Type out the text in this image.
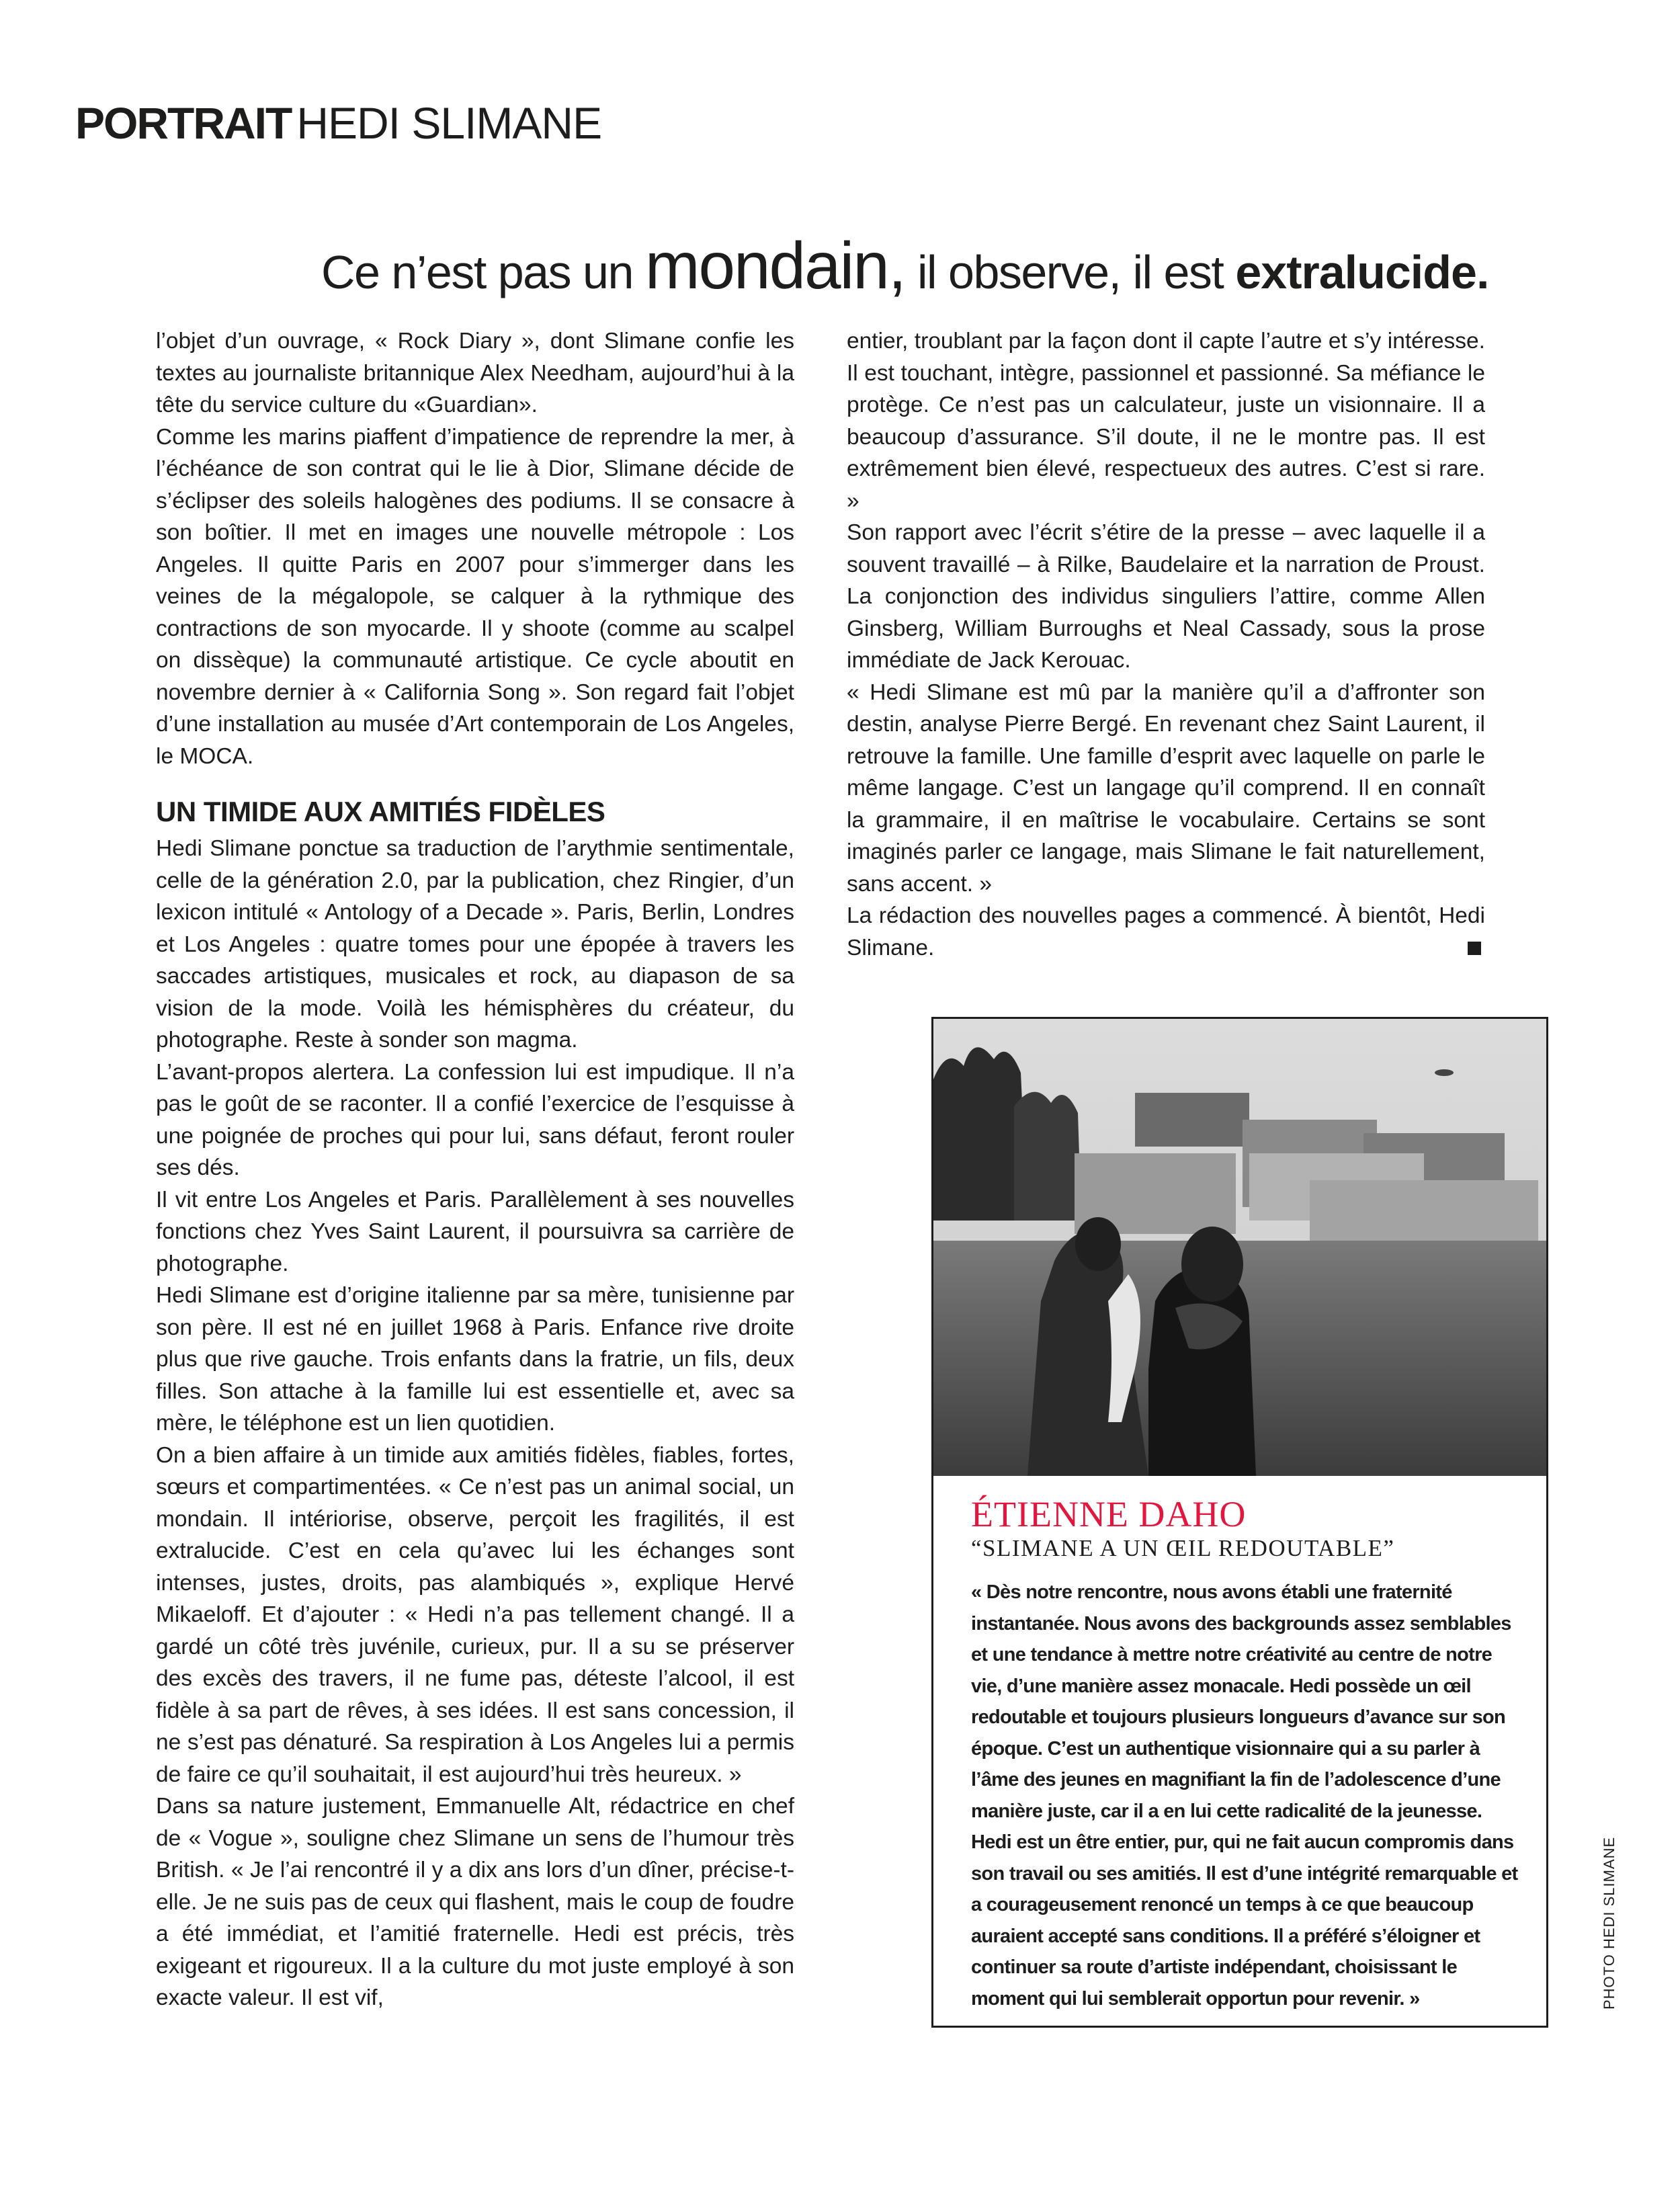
PORTRAIT HEDI SLIMANE
Ce n’est pas un mondain, il observe, il est extralucide.

l’objet d’un ouvrage, « Rock Diary », dont Slimane confie les textes au journaliste britannique Alex Needham, aujourd’hui à la tête du service culture du «Guardian».

Comme les marins piaffent d’impatience de reprendre la mer, à l’échéance de son contrat qui le lie à Dior, Slimane décide de s’éclipser des soleils halogènes des podiums. Il se consacre à son boîtier. Il met en images une nouvelle métropole : Los Angeles. Il quitte Paris en 2007 pour s’immerger dans les veines de la mégalopole, se calquer à la rythmique des contractions de son myocarde. Il y shoote (comme au scalpel on dissèque) la communauté artistique. Ce cycle aboutit en novembre dernier à « California Song ». Son regard fait l’objet d’une installation au musée d’Art contemporain de Los Angeles, le MOCA.

UN TIMIDE AUX AMITIÉS FIDÈLES

Hedi Slimane ponctue sa traduction de l’arythmie sentimentale, celle de la génération 2.0, par la publication, chez Ringier, d’un lexicon intitulé « Antology of a Decade ». Paris, Berlin, Londres et Los Angeles : quatre tomes pour une épopée à travers les saccades artistiques, musicales et rock, au diapason de sa vision de la mode. Voilà les hémisphères du créateur, du photographe. Reste à sonder son magma.

L’avant-propos alertera. La confession lui est impudique. Il n’a pas le goût de se raconter. Il a confié l’exercice de l’esquisse à une poignée de proches qui pour lui, sans défaut, feront rouler ses dés.

Il vit entre Los Angeles et Paris. Parallèlement à ses nouvelles fonctions chez Yves Saint Laurent, il poursuivra sa carrière de photographe.

Hedi Slimane est d’origine italienne par sa mère, tunisienne par son père. Il est né en juillet 1968 à Paris. Enfance rive droite plus que rive gauche. Trois enfants dans la fratrie, un fils, deux filles. Son attache à la famille lui est essentielle et, avec sa mère, le téléphone est un lien quotidien.

On a bien affaire à un timide aux amitiés fidèles, fiables, fortes, sœurs et compartimentées. « Ce n’est pas un animal social, un mondain. Il intériorise, observe, perçoit les fragilités, il est extralucide. C’est en cela qu’avec lui les échanges sont intenses, justes, droits, pas alambiqués », explique Hervé Mikaeloff. Et d’ajouter : « Hedi n’a pas tellement changé. Il a gardé un côté très juvénile, curieux, pur. Il a su se préserver des excès des travers, il ne fume pas, déteste l’alcool, il est fidèle à sa part de rêves, à ses idées. Il est sans concession, il ne s’est pas dénaturé. Sa respiration à Los Angeles lui a permis de faire ce qu’il souhaitait, il est aujourd’hui très heureux. »

Dans sa nature justement, Emmanuelle Alt, rédactrice en chef de « Vogue », souligne chez Slimane un sens de l’humour très British. « Je l’ai rencontré il y a dix ans lors d’un dîner, précise-t-elle. Je ne suis pas de ceux qui flashent, mais le coup de foudre a été immédiat, et l’amitié fraternelle. Hedi est précis, très exigeant et rigoureux. Il a la culture du mot juste employé à son exacte valeur. Il est vif,

entier, troublant par la façon dont il capte l’autre et s’y intéresse. Il est touchant, intègre, passionnel et passionné. Sa méfiance le protège. Ce n’est pas un calculateur, juste un visionnaire. Il a beaucoup d’assurance. S’il doute, il ne le montre pas. Il est extrêmement bien élevé, respectueux des autres. C’est si rare. »

Son rapport avec l’écrit s’étire de la presse – avec laquelle il a souvent travaillé – à Rilke, Baudelaire et la narration de Proust. La conjonction des individus singuliers l’attire, comme Allen Ginsberg, William Burroughs et Neal Cassady, sous la prose immédiate de Jack Kerouac.

« Hedi Slimane est mû par la manière qu’il a d’affronter son destin, analyse Pierre Bergé. En revenant chez Saint Laurent, il retrouve la famille. Une famille d’esprit avec laquelle on parle le même langage. C’est un langage qu’il comprend. Il en connaît la grammaire, il en maîtrise le vocabulaire. Certains se sont imaginés parler ce langage, mais Slimane le fait naturellement, sans accent. »

La rédaction des nouvelles pages a commencé. À bientôt, Hedi Slimane.

ÉTIENNE DAHO
“SLIMANE A UN ŒIL REDOUTABLE”

« Dès notre rencontre, nous avons établi une fraternité instantanée. Nous avons des backgrounds assez semblables et une tendance à mettre notre créativité au centre de notre vie, d’une manière assez monacale. Hedi possède un œil redoutable et toujours plusieurs longueurs d’avance sur son époque. C’est un authentique visionnaire qui a su parler à l’âme des jeunes en magnifiant la fin de l’adolescence d’une manière juste, car il a en lui cette radicalité de la jeunesse. Hedi est un être entier, pur, qui ne fait aucun compromis dans son travail ou ses amitiés. Il est d’une intégrité remarquable et a courageusement renoncé un temps à ce que beaucoup auraient accepté sans conditions. Il a préféré s’éloigner et continuer sa route d’artiste indépendant, choisissant le moment qui lui semblerait opportun pour revenir. »	PHOTO HEDI SLIMANE
